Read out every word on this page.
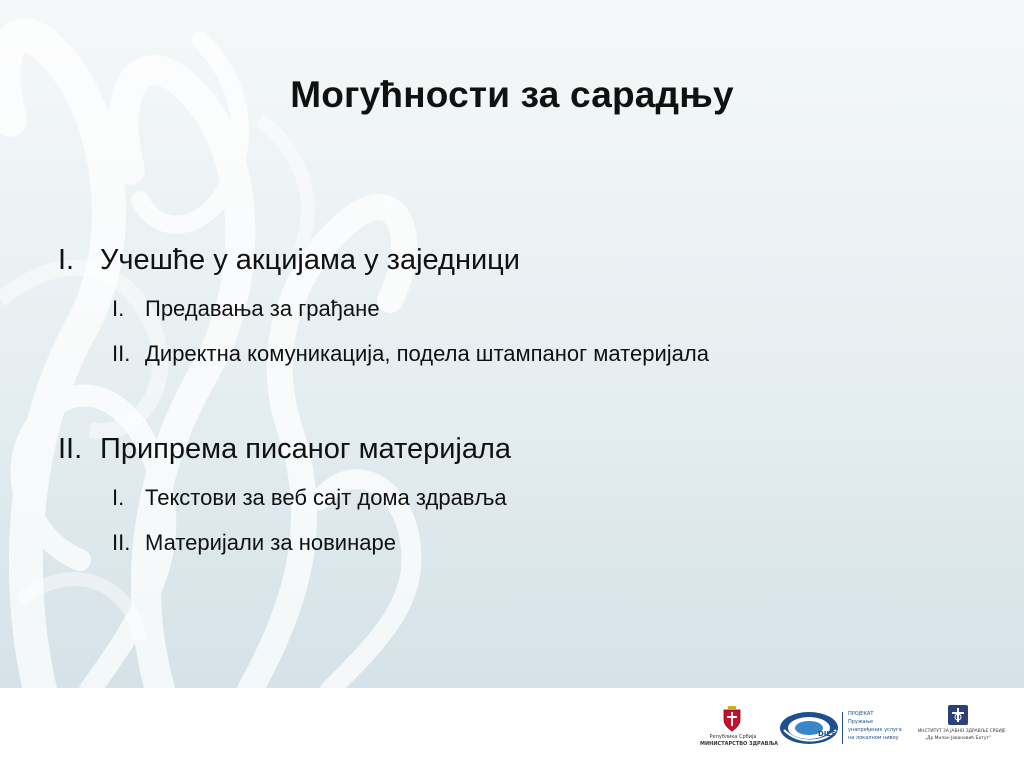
Могућности за сарадњу
I. Учешће у акцијама у заједници
I. Предавања за грађане
II. Директна комуникација, подела штампаног материјала
II. Припрема писаног материјала
I. Текстови за веб сајт дома здравља
II. Материјали за новинаре
Република Србија
МИНИСТАРСТВО ЗДРАВЉА
DILS
ПРОЈЕКАТ
Пружање
унапређених услуга
на локалном нивоу
ИНСТИТУТ ЗА ЈАВНО ЗДРАВЉЕ СРБИЈЕ
„Др Милан Јовановић Батут“
